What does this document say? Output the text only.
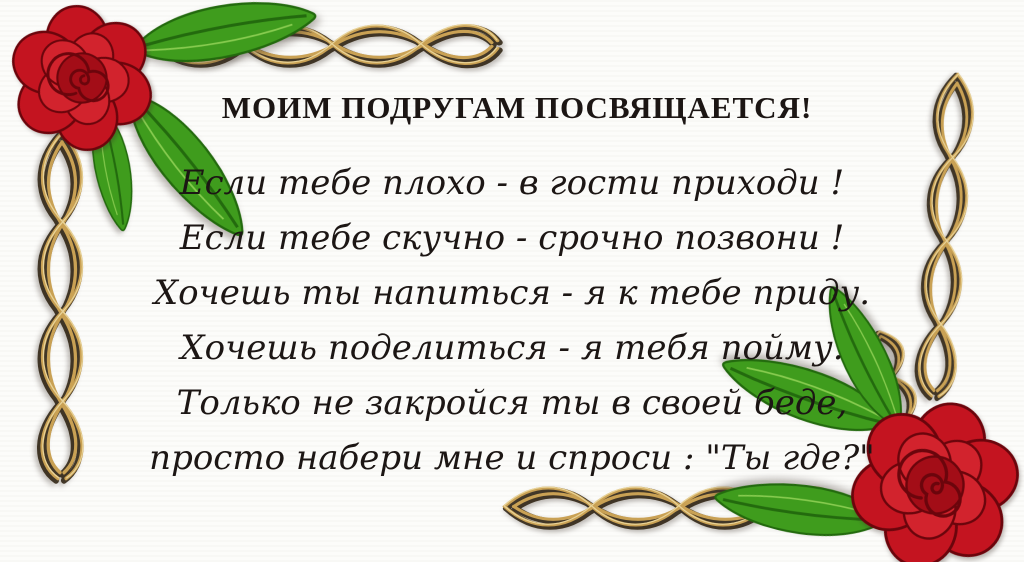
МОИМ ПОДРУГАМ ПОСВЯЩАЕТСЯ!
Если тебе плохо - в гости приходи !
Если тебе скучно - срочно позвони !
Хочешь ты напиться - я к тебе приду.
Хочешь поделиться - я тебя пойму.
Только не закройся ты в своей беде,
просто набери мне и спроси : "Ты где?"
